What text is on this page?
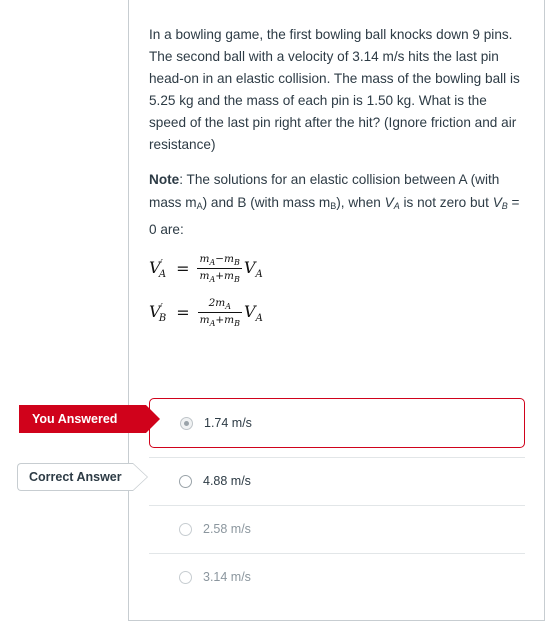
In a bowling game, the first bowling ball knocks down 9 pins. The second ball with a velocity of 3.14 m/s hits the last pin head-on in an elastic collision. The mass of the bowling ball is 5.25 kg and the mass of each pin is 1.50 kg. What is the speed of the last pin right after the hit? (Ignore friction and air resistance)
Note: The solutions for an elastic collision between A (with mass $m_A$) and B (with mass $m_B$), when $V_A$ is not zero but $V_B = 0$ are:
$V'_A = \frac{m_A-m_B}{m_A+m_B} V_A$
$V'_B = \frac{2m_A}{m_A+m_B} V_A$
1.74 m/s
4.88 m/s
2.58 m/s
3.14 m/s
You Answered
Correct Answer
